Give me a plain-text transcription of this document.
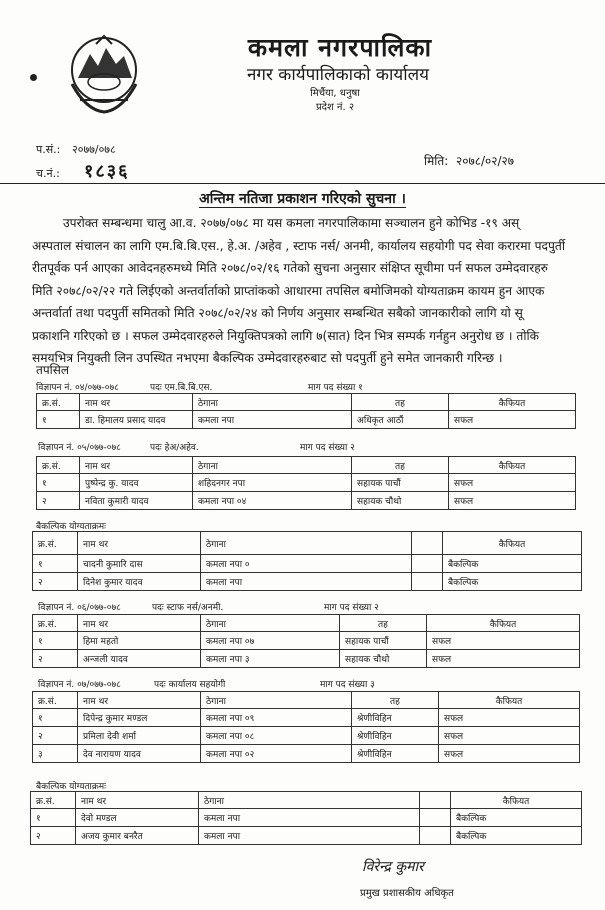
कमला नगरपालिका
नगर कार्यपालिकाको कार्यालय
मिर्चैया, धनुषा
प्रदेश नं. २
प.सं.: २०७७/०७८
च.नं.: १८३६	मिति: २०७८/०२/२७
अन्तिम नतिजा प्रकाशन गरिएको सुचना ।
उपरोक्त सम्बन्धमा चालु आ.व. २०७७/०७८ मा यस कमला नगरपालिकामा सञ्चालन हुने कोभिड -१९ अस्
अस्पताल संचालन का लागि एम.बि.बि.एस., हे.अ. /अहेव , स्टाफ नर्स/ अनमी, कार्यालय सहयोगी पद सेवा करारमा पदपुर्ती
रीतपूर्वक पर्न आएका आवेदनहरुमध्ये मिति २०७८/०२/१६ गतेको सुचना अनुसार संक्षिप्त सूचीमा पर्न सफल उम्मेदवारहरु
मिति २०७८/०२/२२ गते लिईएको अन्तर्वार्ताको प्राप्तांकको आधारमा तपसिल बमोजिमको योग्यताक्रम कायम हुन आएक
अन्तर्वार्ता तथा पदपुर्ती समितको मिति २०७८/०२/२४ को निर्णय अनुसार सम्बन्धित सबैको जानकारीको लागि यो सू
प्रकाशनि गरिएको छ । सफल उम्मेदवारहरुले नियुक्तिपत्रको लागि ७(सात) दिन भित्र सम्पर्क गर्नहुन अनुरोध छ । तोकि
समयभित्र नियुक्ती लिन उपस्थित नभएमा बैकल्पिक उम्मेदवारहरुबाट सो पदपुर्ती हुने समेत जानकारी गरिन्छ ।
तपसिल
विज्ञापन नं. ०४/०७७-०७८	पदः एम.बि.बि.एस.	माग पद संख्या १
क्र.सं.	नाम थर	ठेगाना	तह	कैफियत
१	डा. हिमालय प्रसाद यादव	कमला नपा	अधिकृत आठौं	सफल
विज्ञापन नं. ०५/०७७-०७८	पदः हेअ/अहेव.	माग पद संख्या २
क्र.सं.	नाम थर	ठेगाना	तह	कैफियत
१	पुष्पेन्द्र कु. यादव	शहिदनगर नपा	सहायक पाचौं	सफल
२	नविता कुमारी यादव	कमला नपा ०४	सहायक चौथो	सफल
बैकल्पिक योग्यताक्रमः
क्र.सं.	नाम थर	ठेगाना		कैफियत
१	चादनी कुमारि दास	कमला नपा ०		बैकल्पिक
२	दिनेश कुमार यादव	कमला नपा		बैकल्पिक
विज्ञापन नं. ०६/०७७-०७८	पदः स्टाफ नर्स/अनमी.	माग पद संख्या २
क्र.सं.	नाम थर	ठेगाना	तह	कैफियत
१	हिमा महतो	कमला नपा ०७	सहायक पाचौं	सफल
२	अन्जली यादव	कमला नपा ३	सहायक चौथो	सफल
विज्ञापन नं. ०७/०७७-०७८	पदः कार्यालय सहयोगी	माग पद संख्या ३
क्र.सं.	नाम थर	ठेगाना	तह	कैफियत
१	दिपेन्द्र कुमार मण्डल	कमला नपा ०९	श्रेणीविहिन	सफल
२	प्रमिला देवी शर्मा	कमला नपा ०८	श्रेणीविहिन	सफल
३	देव नारायण यादव	कमला नपा ०२	श्रेणीविहिन	सफल
बैकल्पिक योग्यताक्रमः
क्र.सं.	नाम थर	ठेगाना		कैफियत
१	देवो मण्डल	कमला नपा		बैकल्पिक
२	अजय कुमार बनरैत	कमला नपा		बैकल्पिक
विरेन्द्र कुमार
प्रमुख प्रशासकीय अधिकृत
